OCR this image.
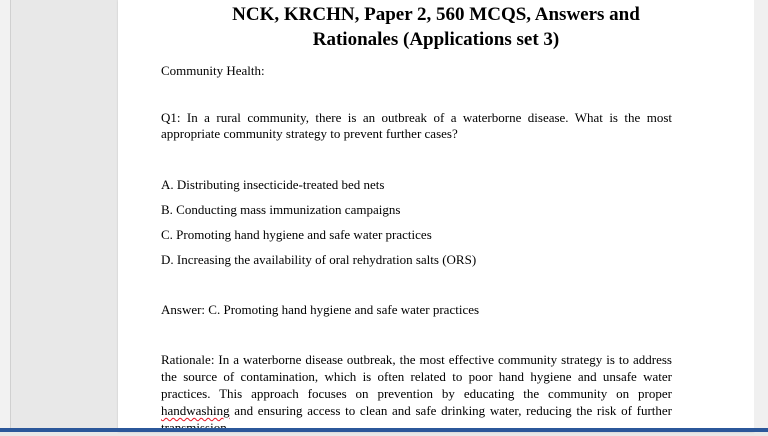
NCK, KRCHN, Paper 2, 560 MCQS, Answers and
Rationales (Applications set 3)
Community Health:
Q1: In a rural community, there is an outbreak of a waterborne disease. What is the most appropriate community strategy to prevent further cases?
A. Distributing insecticide-treated bed nets
B. Conducting mass immunization campaigns
C. Promoting hand hygiene and safe water practices
D. Increasing the availability of oral rehydration salts (ORS)
Answer: C. Promoting hand hygiene and safe water practices
Rationale: In a waterborne disease outbreak, the most effective community strategy is to address the source of contamination, which is often related to poor hand hygiene and unsafe water practices. This approach focuses on prevention by educating the community on proper handwashing and ensuring access to clean and safe drinking water, reducing the risk of further
